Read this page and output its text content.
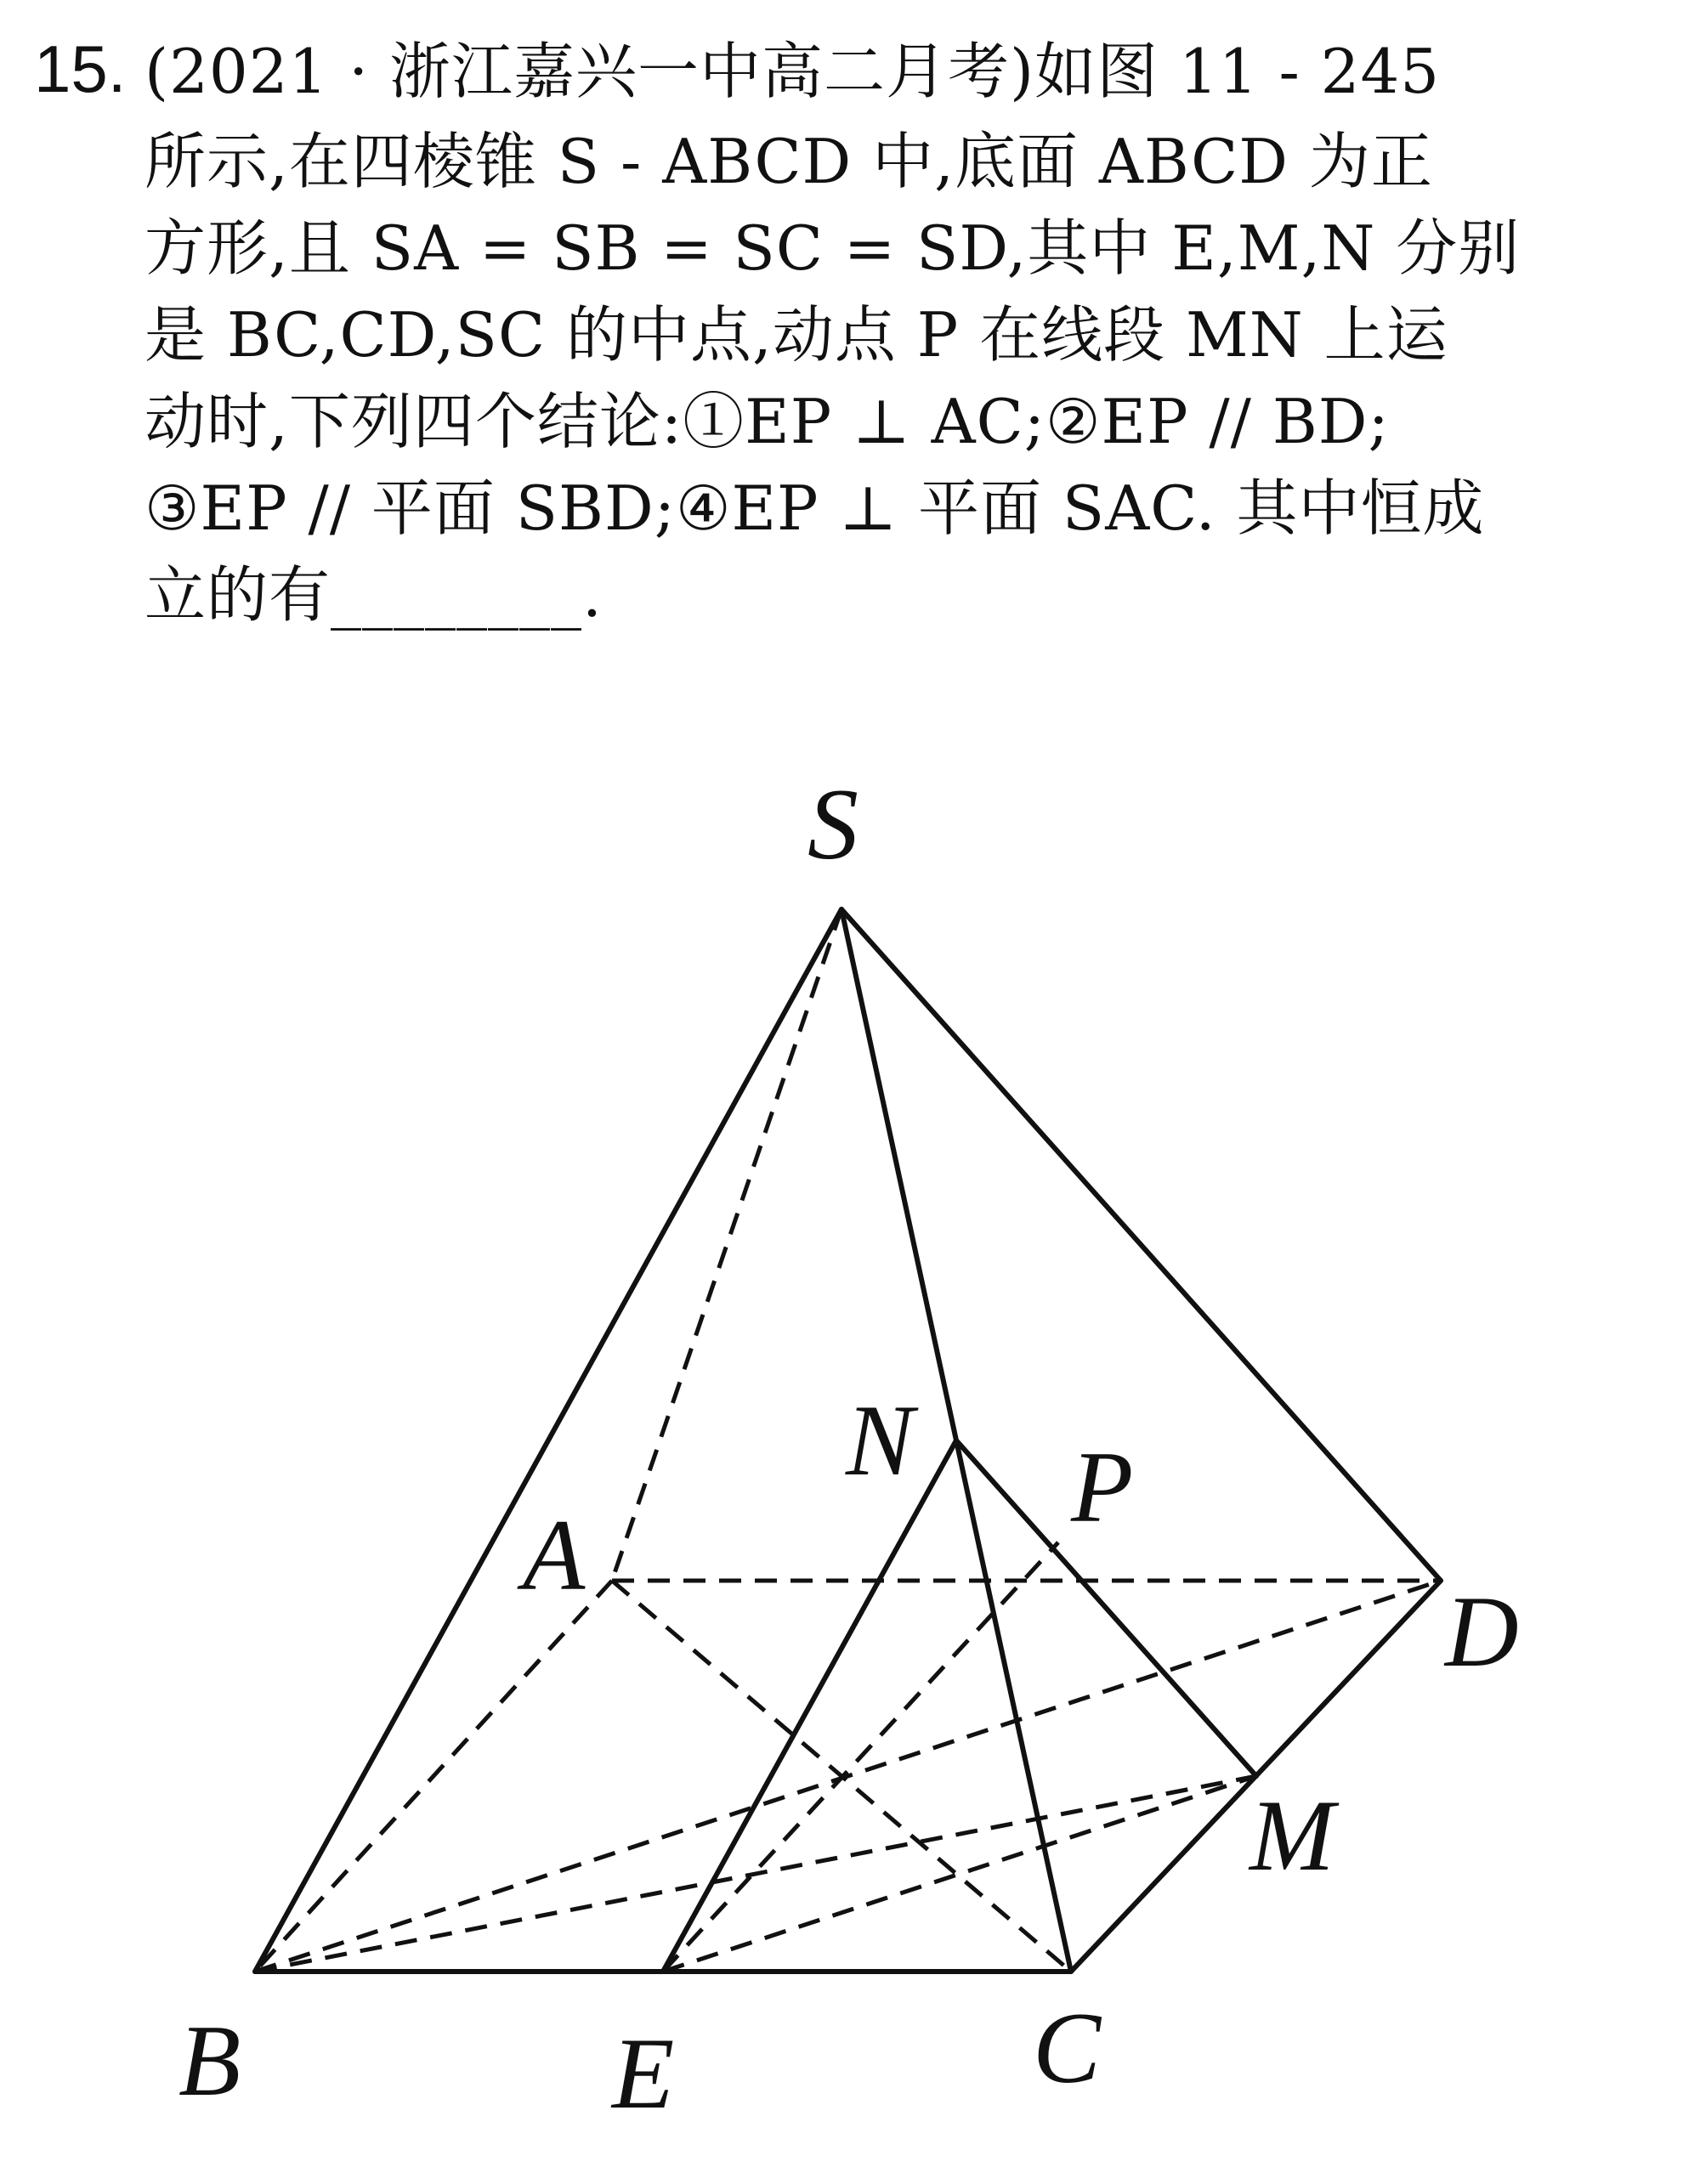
15. (2021 · 浙江嘉兴一中高二月考)如图 11 - 245
所示,在四棱锥 S - ABCD 中,底面 ABCD 为正
方形,且 SA = SB = SC = SD,其中 E,M,N 分别
是 BC,CD,SC 的中点,动点 P 在线段 MN 上运
动时,下列四个结论:①EP ⊥ AC;②EP // BD;
③EP // 平面 SBD;④EP ⊥ 平面 SAC. 其中恒成
立的有________.
S
A
B	C
D
E
M
N P
